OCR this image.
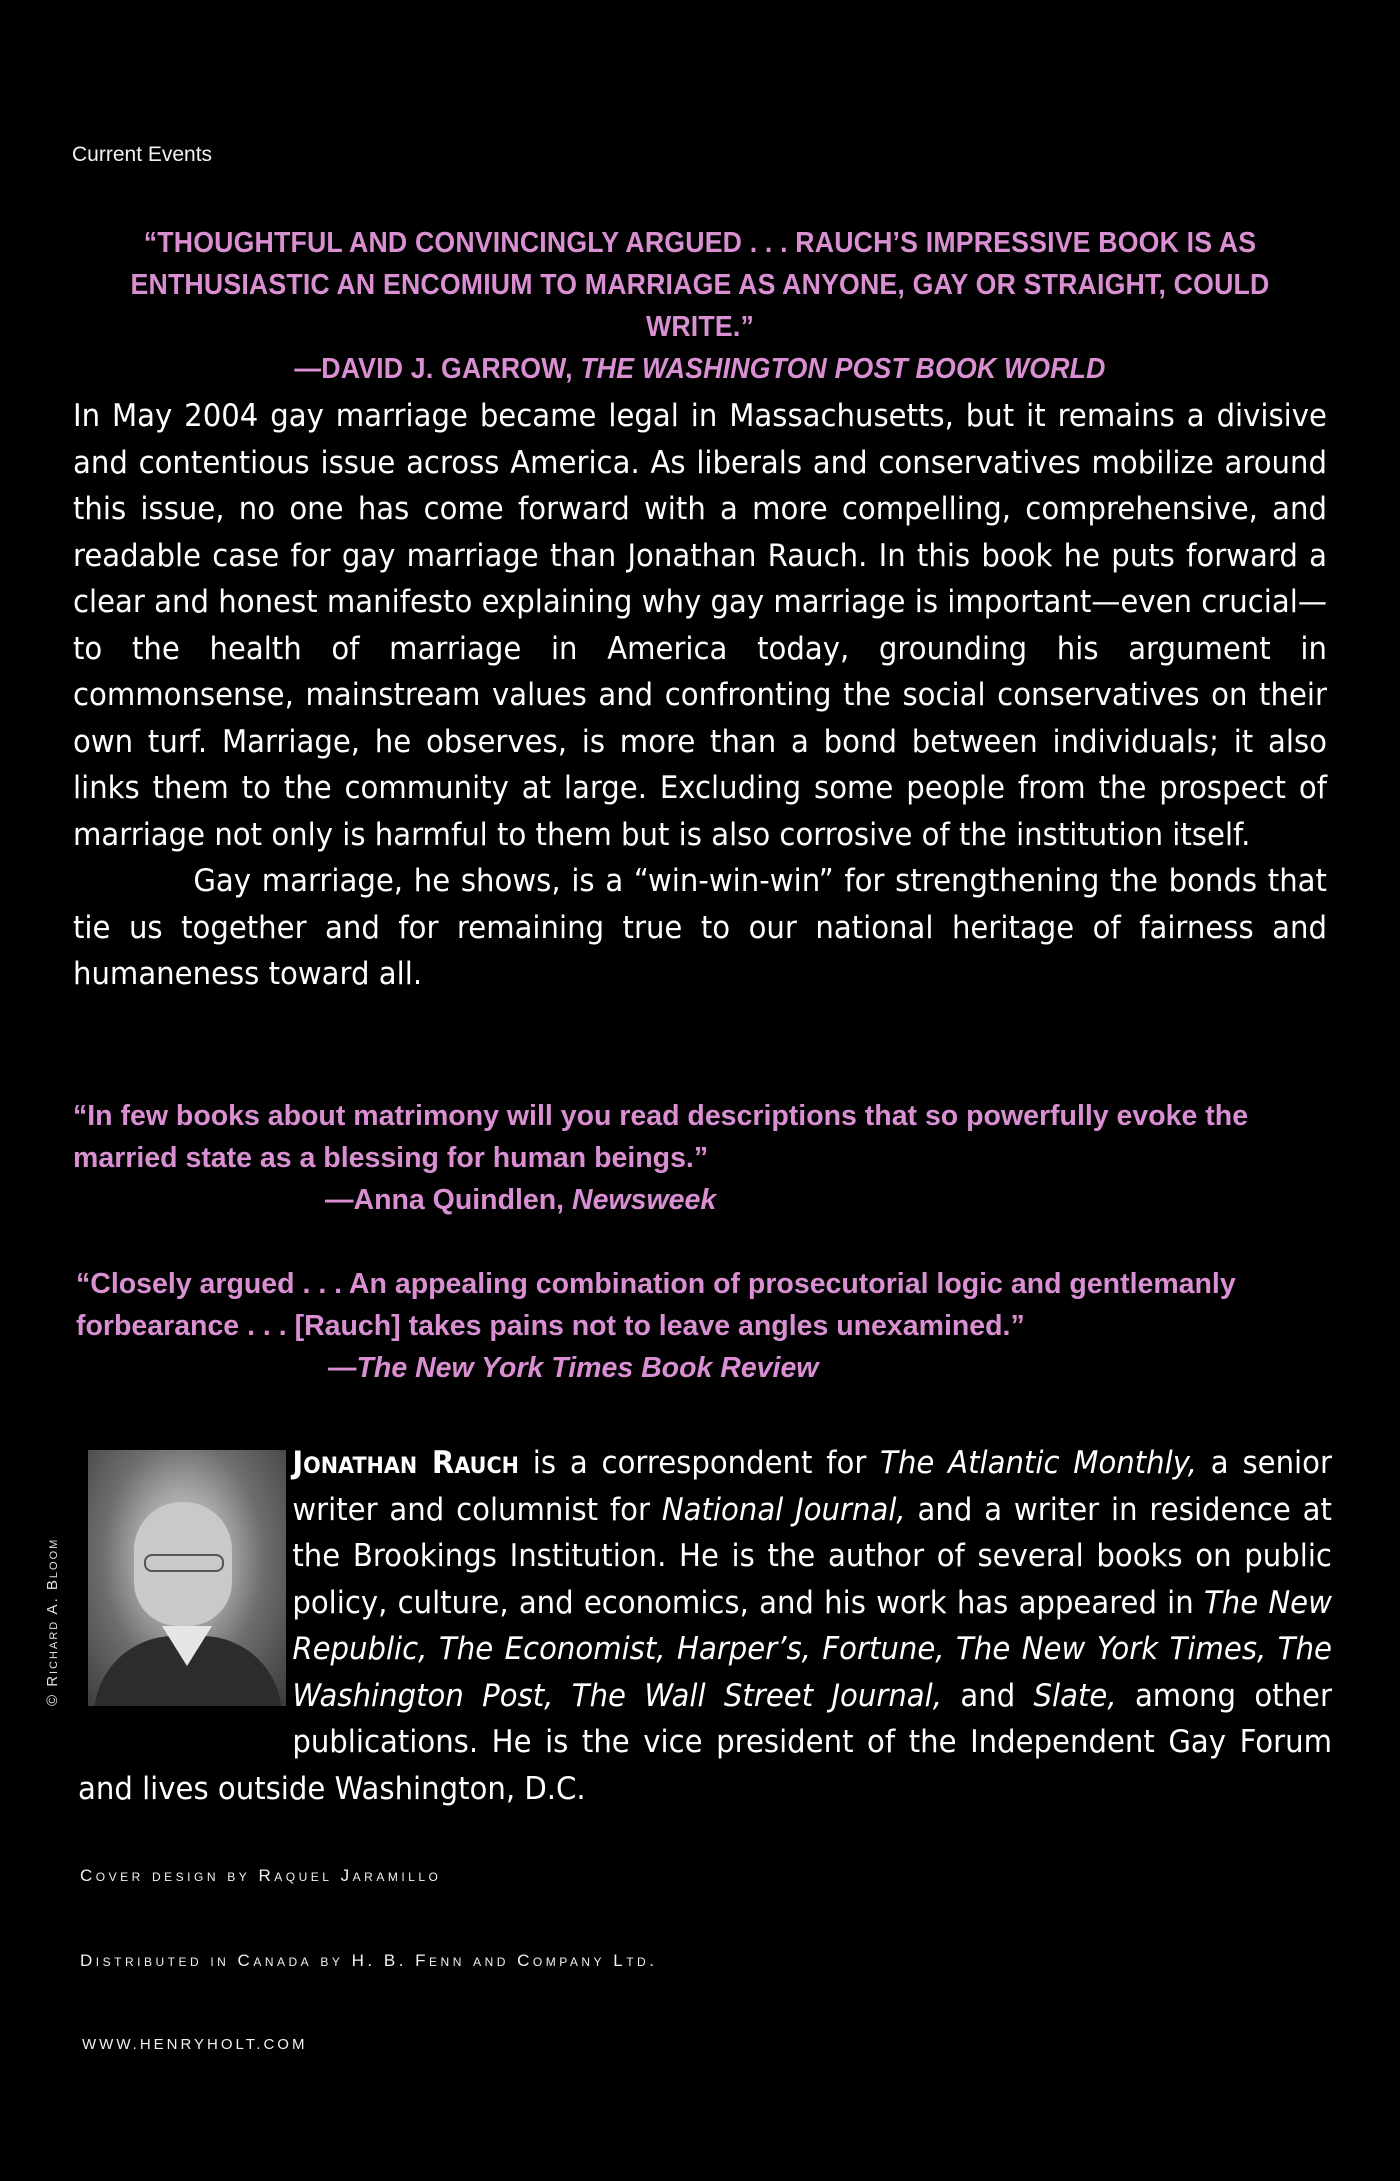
Current Events
“THOUGHTFUL AND CONVINCINGLY ARGUED . . . RAUCH’S IMPRESSIVE BOOK IS AS
ENTHUSIASTIC AN ENCOMIUM TO MARRIAGE AS ANYONE, GAY OR STRAIGHT, COULD WRITE.”
—DAVID J. GARROW, THE WASHINGTON POST BOOK WORLD

In May 2004 gay marriage became legal in Massachusetts, but it remains a divisive and contentious issue across America. As liberals and conservatives mobilize around this issue, no one has come forward with a more compelling, comprehensive, and readable case for gay marriage than Jonathan Rauch. In this book he puts forward a clear and honest manifesto explaining why gay marriage is important—even crucial—to the health of marriage in America today, grounding his argument in commonsense, mainstream values and confronting the social conservatives on their own turf. Marriage, he observes, is more than a bond between individuals; it also links them to the community at large. Excluding some people from the prospect of marriage not only is harmful to them but is also corrosive of the institution itself.

Gay marriage, he shows, is a “win-win-win” for strengthening the bonds that tie us together and for remaining true to our national heritage of fairness and humaneness toward all.

“In few books about matrimony will you read descriptions that so powerfully evoke the married state as a blessing for human beings.”
—Anna Quindlen, Newsweek
“Closely argued . . . An appealing combination of prosecutorial logic and gentlemanly forbearance . . . [Rauch] takes pains not to leave angles unexamined.”
—The New York Times Book Review
© Richard A. Bloom
Jonathan Rauch is a correspondent for The Atlantic Monthly, a senior writer and columnist for National Journal, and a writer in residence at the Brookings Institution. He is the author of several books on public policy, culture, and economics, and his work has appeared in The New Republic, The Economist, Harper’s, Fortune, The New York Times, The Washington Post, The Wall Street Journal, and Slate, among other publications. He is the vice president of the Independent Gay Forum and lives outside Washington, D.C.
Cover design by Raquel Jaramillo
Distributed in Canada by H. B. Fenn and Company Ltd.
WWW.HENRYHOLT.COM
